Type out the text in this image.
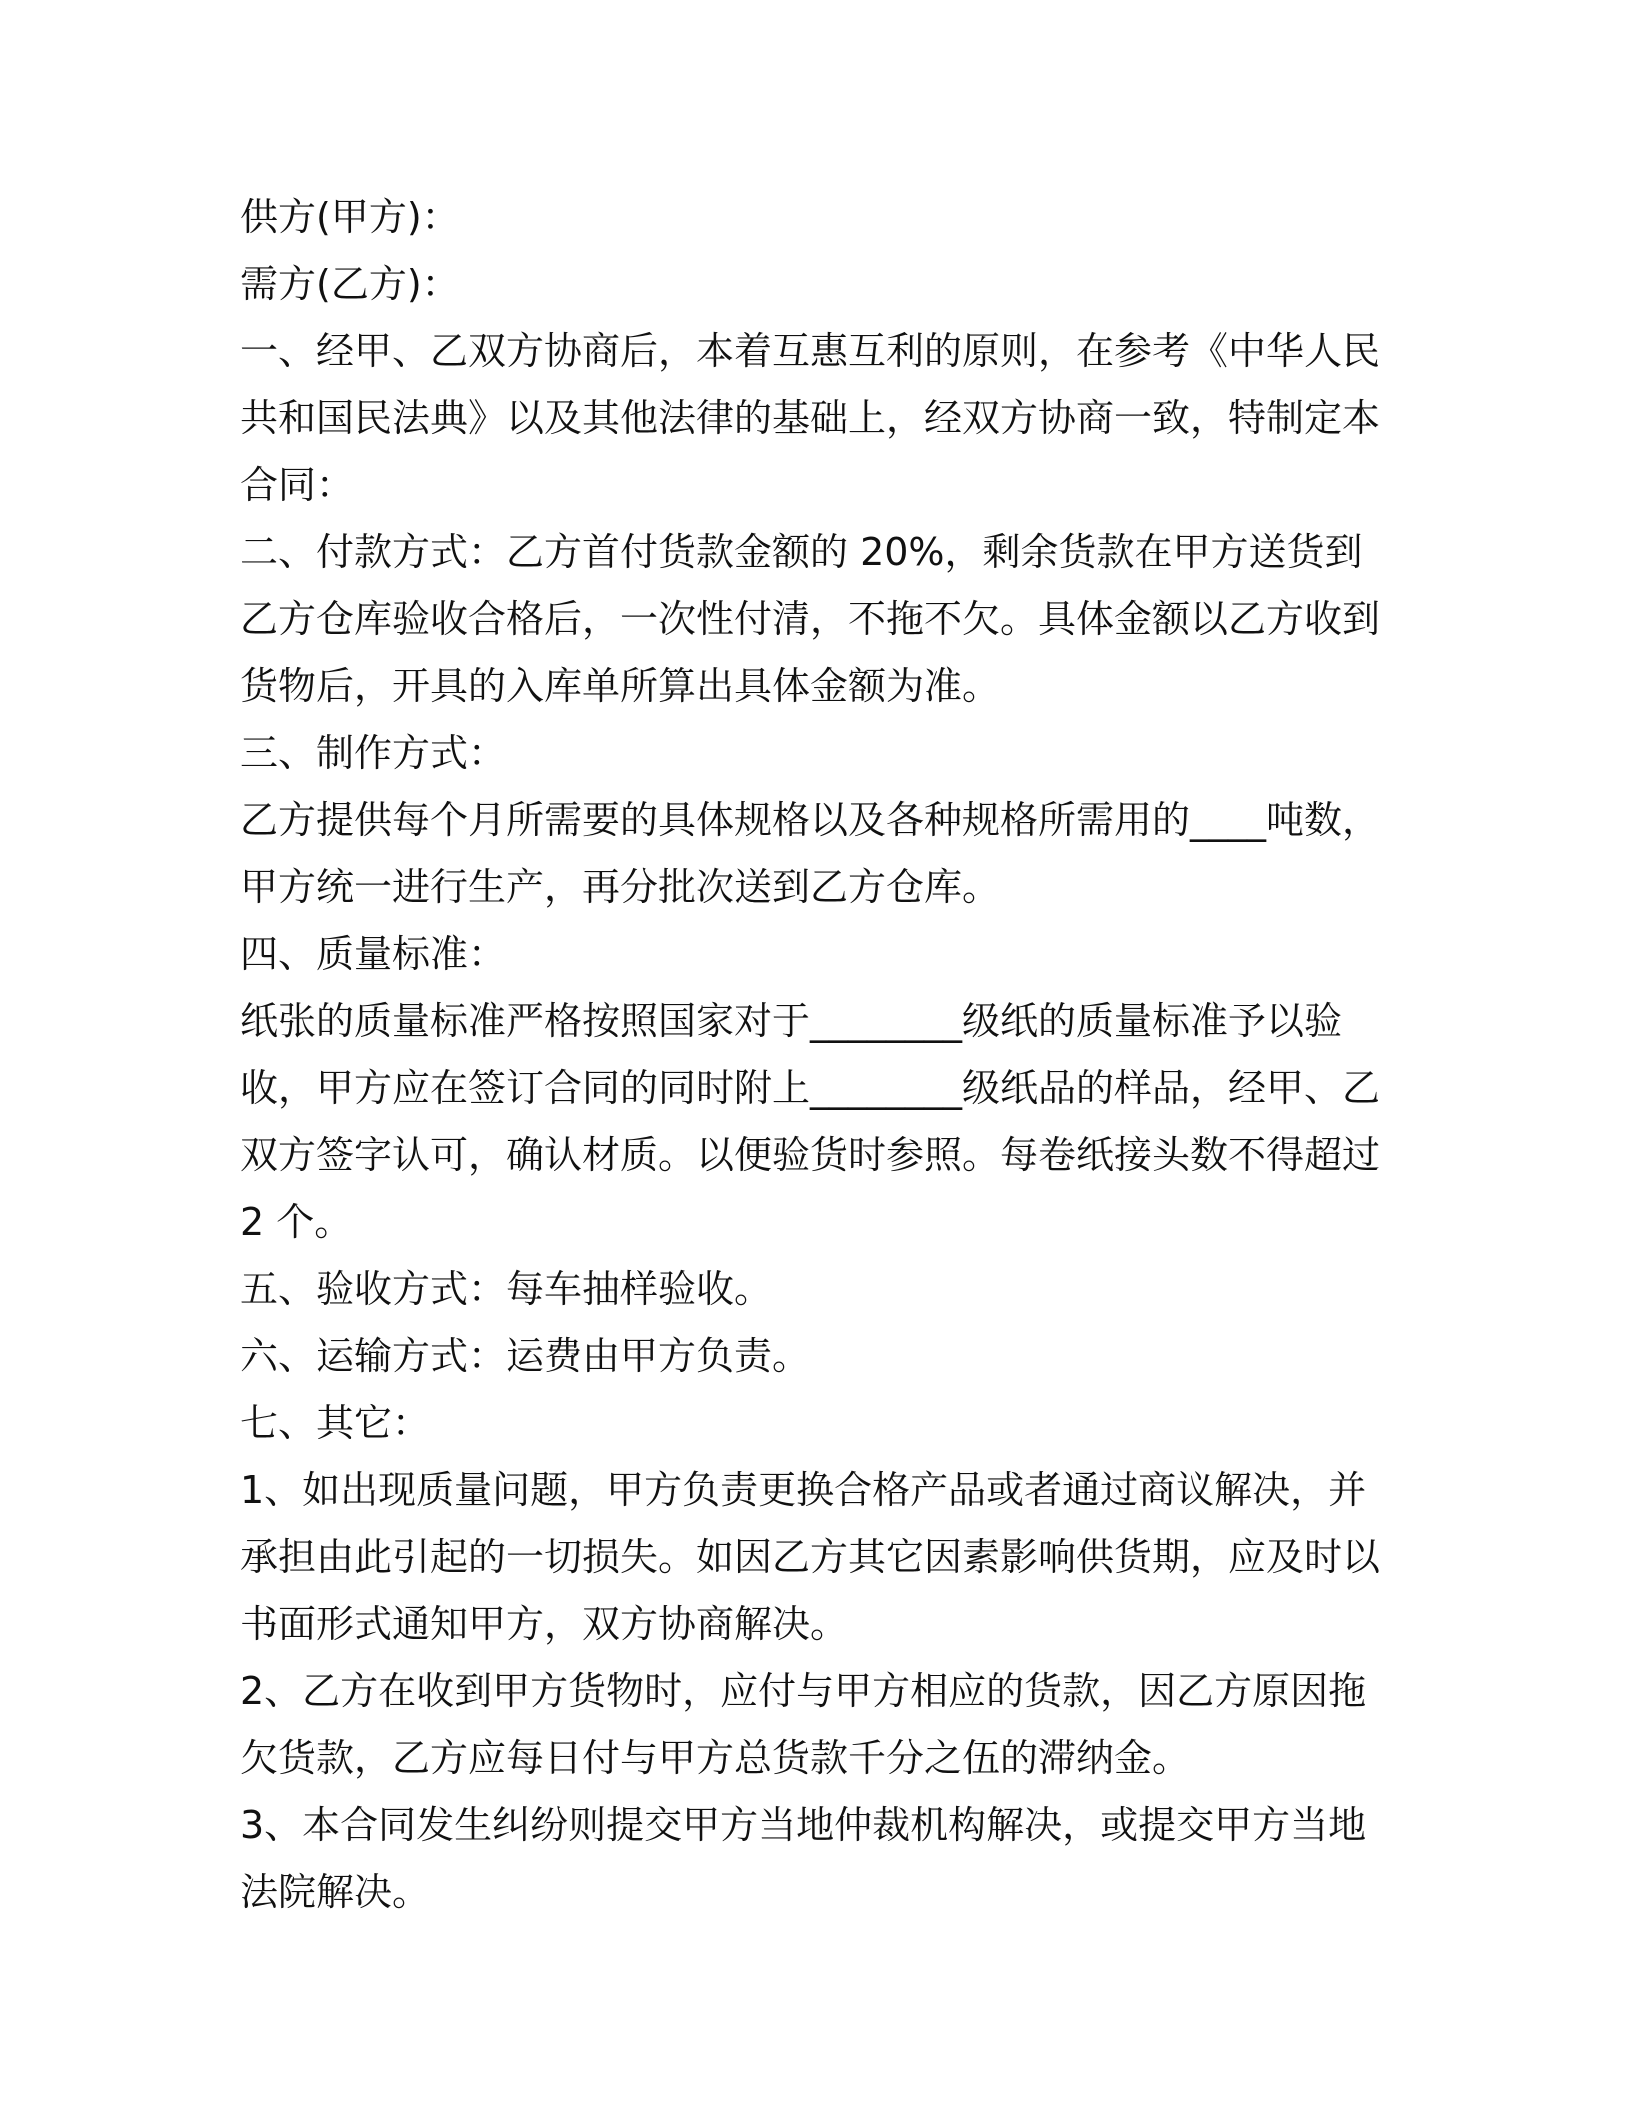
供方(甲方)：

需方(乙方)：

一、经甲、乙双方协商后，本着互惠互利的原则，在参考《中华人民共和国民法典》以及其他法律的基础上，经双方协商一致，特制定本合同：

二、付款方式：乙方首付货款金额的 20%，剩余货款在甲方送货到乙方仓库验收合格后，一次性付清，不拖不欠。具体金额以乙方收到货物后，开具的入库单所算出具体金额为准。

三、制作方式：

乙方提供每个月所需要的具体规格以及各种规格所需用的____吨数，甲方统一进行生产，再分批次送到乙方仓库。

四、质量标准：

纸张的质量标准严格按照国家对于________级纸的质量标准予以验收，甲方应在签订合同的同时附上________级纸品的样品，经甲、乙双方签字认可，确认材质。以便验货时参照。每卷纸接头数不得超过 2 个。

五、验收方式：每车抽样验收。

六、运输方式：运费由甲方负责。

七、其它：

1、如出现质量问题，甲方负责更换合格产品或者通过商议解决，并承担由此引起的一切损失。如因乙方其它因素影响供货期，应及时以书面形式通知甲方，双方协商解决。

2、乙方在收到甲方货物时，应付与甲方相应的货款，因乙方原因拖欠货款，乙方应每日付与甲方总货款千分之伍的滞纳金。

3、本合同发生纠纷则提交甲方当地仲裁机构解决，或提交甲方当地法院解决。
